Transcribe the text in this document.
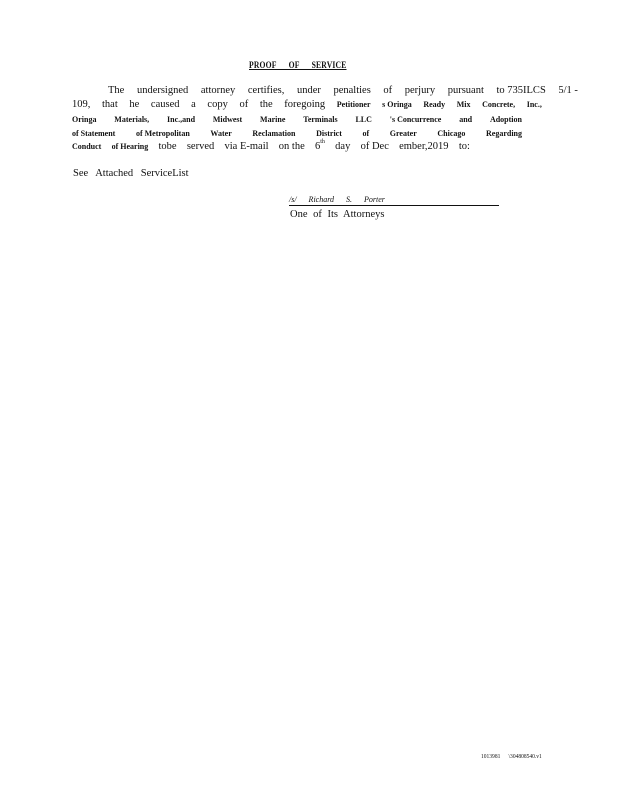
PROOF OF SERVICE
The undersigned attorney certifies, under penalties of perjury pursuant to 735ILCS 5/1 -
109, that he caused a copy of the foregoing Petitioner s Oringa Ready Mix Concrete, Inc.,
Oringa Materials, Inc.,and Midwest Marine Terminals LLC 's Concurrence and Adoption
of Statement	of Metropolitan	Water	Reclamation	District	of	Greater	Chicago	Regarding
Conduct of Hearing tobe served via E-mail on the 6th day of Dec ember,2019 to:
See Attached ServiceList
/s/ Richard S. Porter
One of Its Attorneys
1013981 \304808540.v1
